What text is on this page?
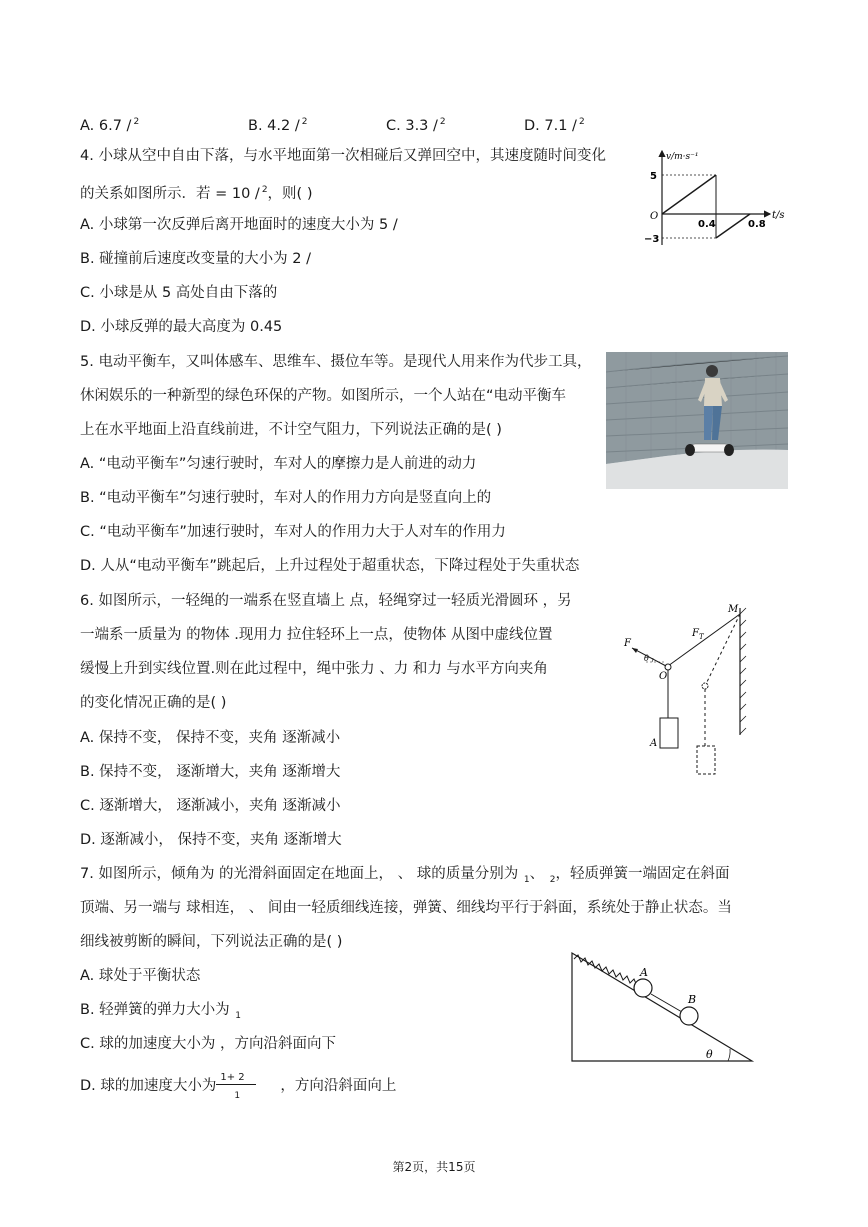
A. 6.7 / $^2$	B. 4.2 / $^2$	C. 3.3 / $^2$	D. 7.1 / $^2$
4. 小球从空中自由下落，与水平地面第一次相碰后又弹回空中，其速度随时间变化
的关系如图所示．若 = 10 / $^2$，则( )
A. 小球第一次反弹后离开地面时的速度大小为 5 /
B. 碰撞前后速度改变量的大小为 2 /
C. 小球是从 5 高处自由下落的
D. 小球反弹的最大高度为 0.45
v/m·s⁻¹
t/s
O
5
−3
0.4	0.8
5. 电动平衡车，又叫体感车、思维车、摄位车等。是现代人用来作为代步工具，
休闲娱乐的一种新型的绿色环保的产物。如图所示，一个人站在“电动平衡车
上在水平地面上沿直线前进，不计空气阻力，下列说法正确的是( )
A. “电动平衡车”匀速行驶时，车对人的摩擦力是人前进的动力
B. “电动平衡车”匀速行驶时，车对人的作用力方向是竖直向上的
C. “电动平衡车”加速行驶时，车对人的作用力大于人对车的作用力
D. 人从“电动平衡车”跳起后，上升过程处于超重状态，下降过程处于失重状态
6. 如图所示，一轻绳的一端系在竖直墙上 点，轻绳穿过一轻质光滑圆环 ，另
一端系一质量为 的物体 .现用力 拉住轻环上一点，使物体 从图中虚线位置
缓慢上升到实线位置.则在此过程中，绳中张力 、力 和力 与水平方向夹角
的变化情况正确的是( )
A. 保持不变， 保持不变，夹角 逐渐减小
B. 保持不变， 逐渐增大，夹角 逐渐增大
C. 逐渐增大， 逐渐减小，夹角 逐渐减小
D. 逐渐减小， 保持不变，夹角 逐渐增大
M
F
$F_T$
θ
O
A
7. 如图所示，倾角为 的光滑斜面固定在地面上， 、 球的质量分别为 $_1$、 $_2$，轻质弹簧一端固定在斜面
顶端、另一端与 球相连， 、 间由一轻质细线连接，弹簧、细线均平行于斜面，系统处于静止状态。当
细线被剪断的瞬间，下列说法正确的是( )
A. 球处于平衡状态
B. 轻弹簧的弹力大小为 $_1$
C. 球的加速度大小为 ，方向沿斜面向下
D. 球的加速度大小为 $\frac{1+ 2}{1}$ ，方向沿斜面向上
A
B
θ
第2页，共15页
